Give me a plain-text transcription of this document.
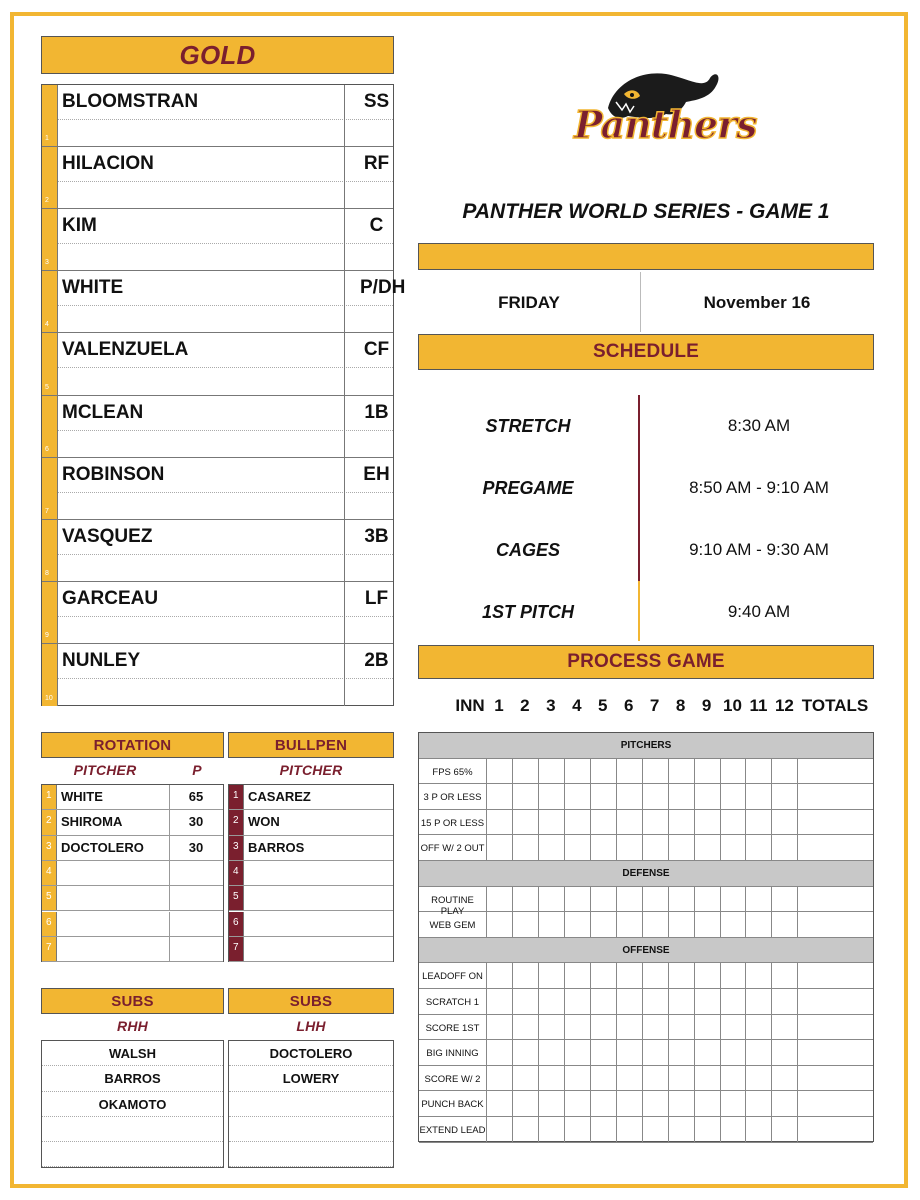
GOLD
1
BLOOMSTRAN	SS
2
HILACION	RF
3
KIM	C
4
WHITE	P/DH
5
VALENZUELA	CF
6
MCLEAN	1B
7
ROBINSON	EH
8
VASQUEZ	3B
9
GARCEAU	LF
10
NUNLEY	2B
Panthers
PANTHER WORLD SERIES - GAME 1
FRIDAY	November 16
SCHEDULE
STRETCH	8:30 AM
PREGAME	8:50 AM - 9:10 AM
CAGES	9:10 AM - 9:30 AM
1ST PITCH	9:40 AM
PROCESS GAME
INN 1 2 3 4 5 6 7 8 9 10 11 12 TOTALS
PITCHERS
FPS 65%
3 P OR LESS
15 P OR LESS
OFF W/ 2 OUT
DEFENSE
ROUTINE PLAY
WEB GEM
OFFENSE
LEADOFF ON
SCRATCH 1
SCORE 1ST
BIG INNING
SCORE W/ 2
PUNCH BACK
EXTEND LEAD
ROTATION
PITCHER	P
1 WHITE	65
2 SHIROMA	30
3 DOCTOLERO	30
4
5
6
7
BULLPEN
PITCHER
1 CASAREZ
2 WON
3 BARROS
4
5
6
7
SUBS
RHH
WALSH
BARROS
OKAMOTO
SUBS
LHH
DOCTOLERO
LOWERY
